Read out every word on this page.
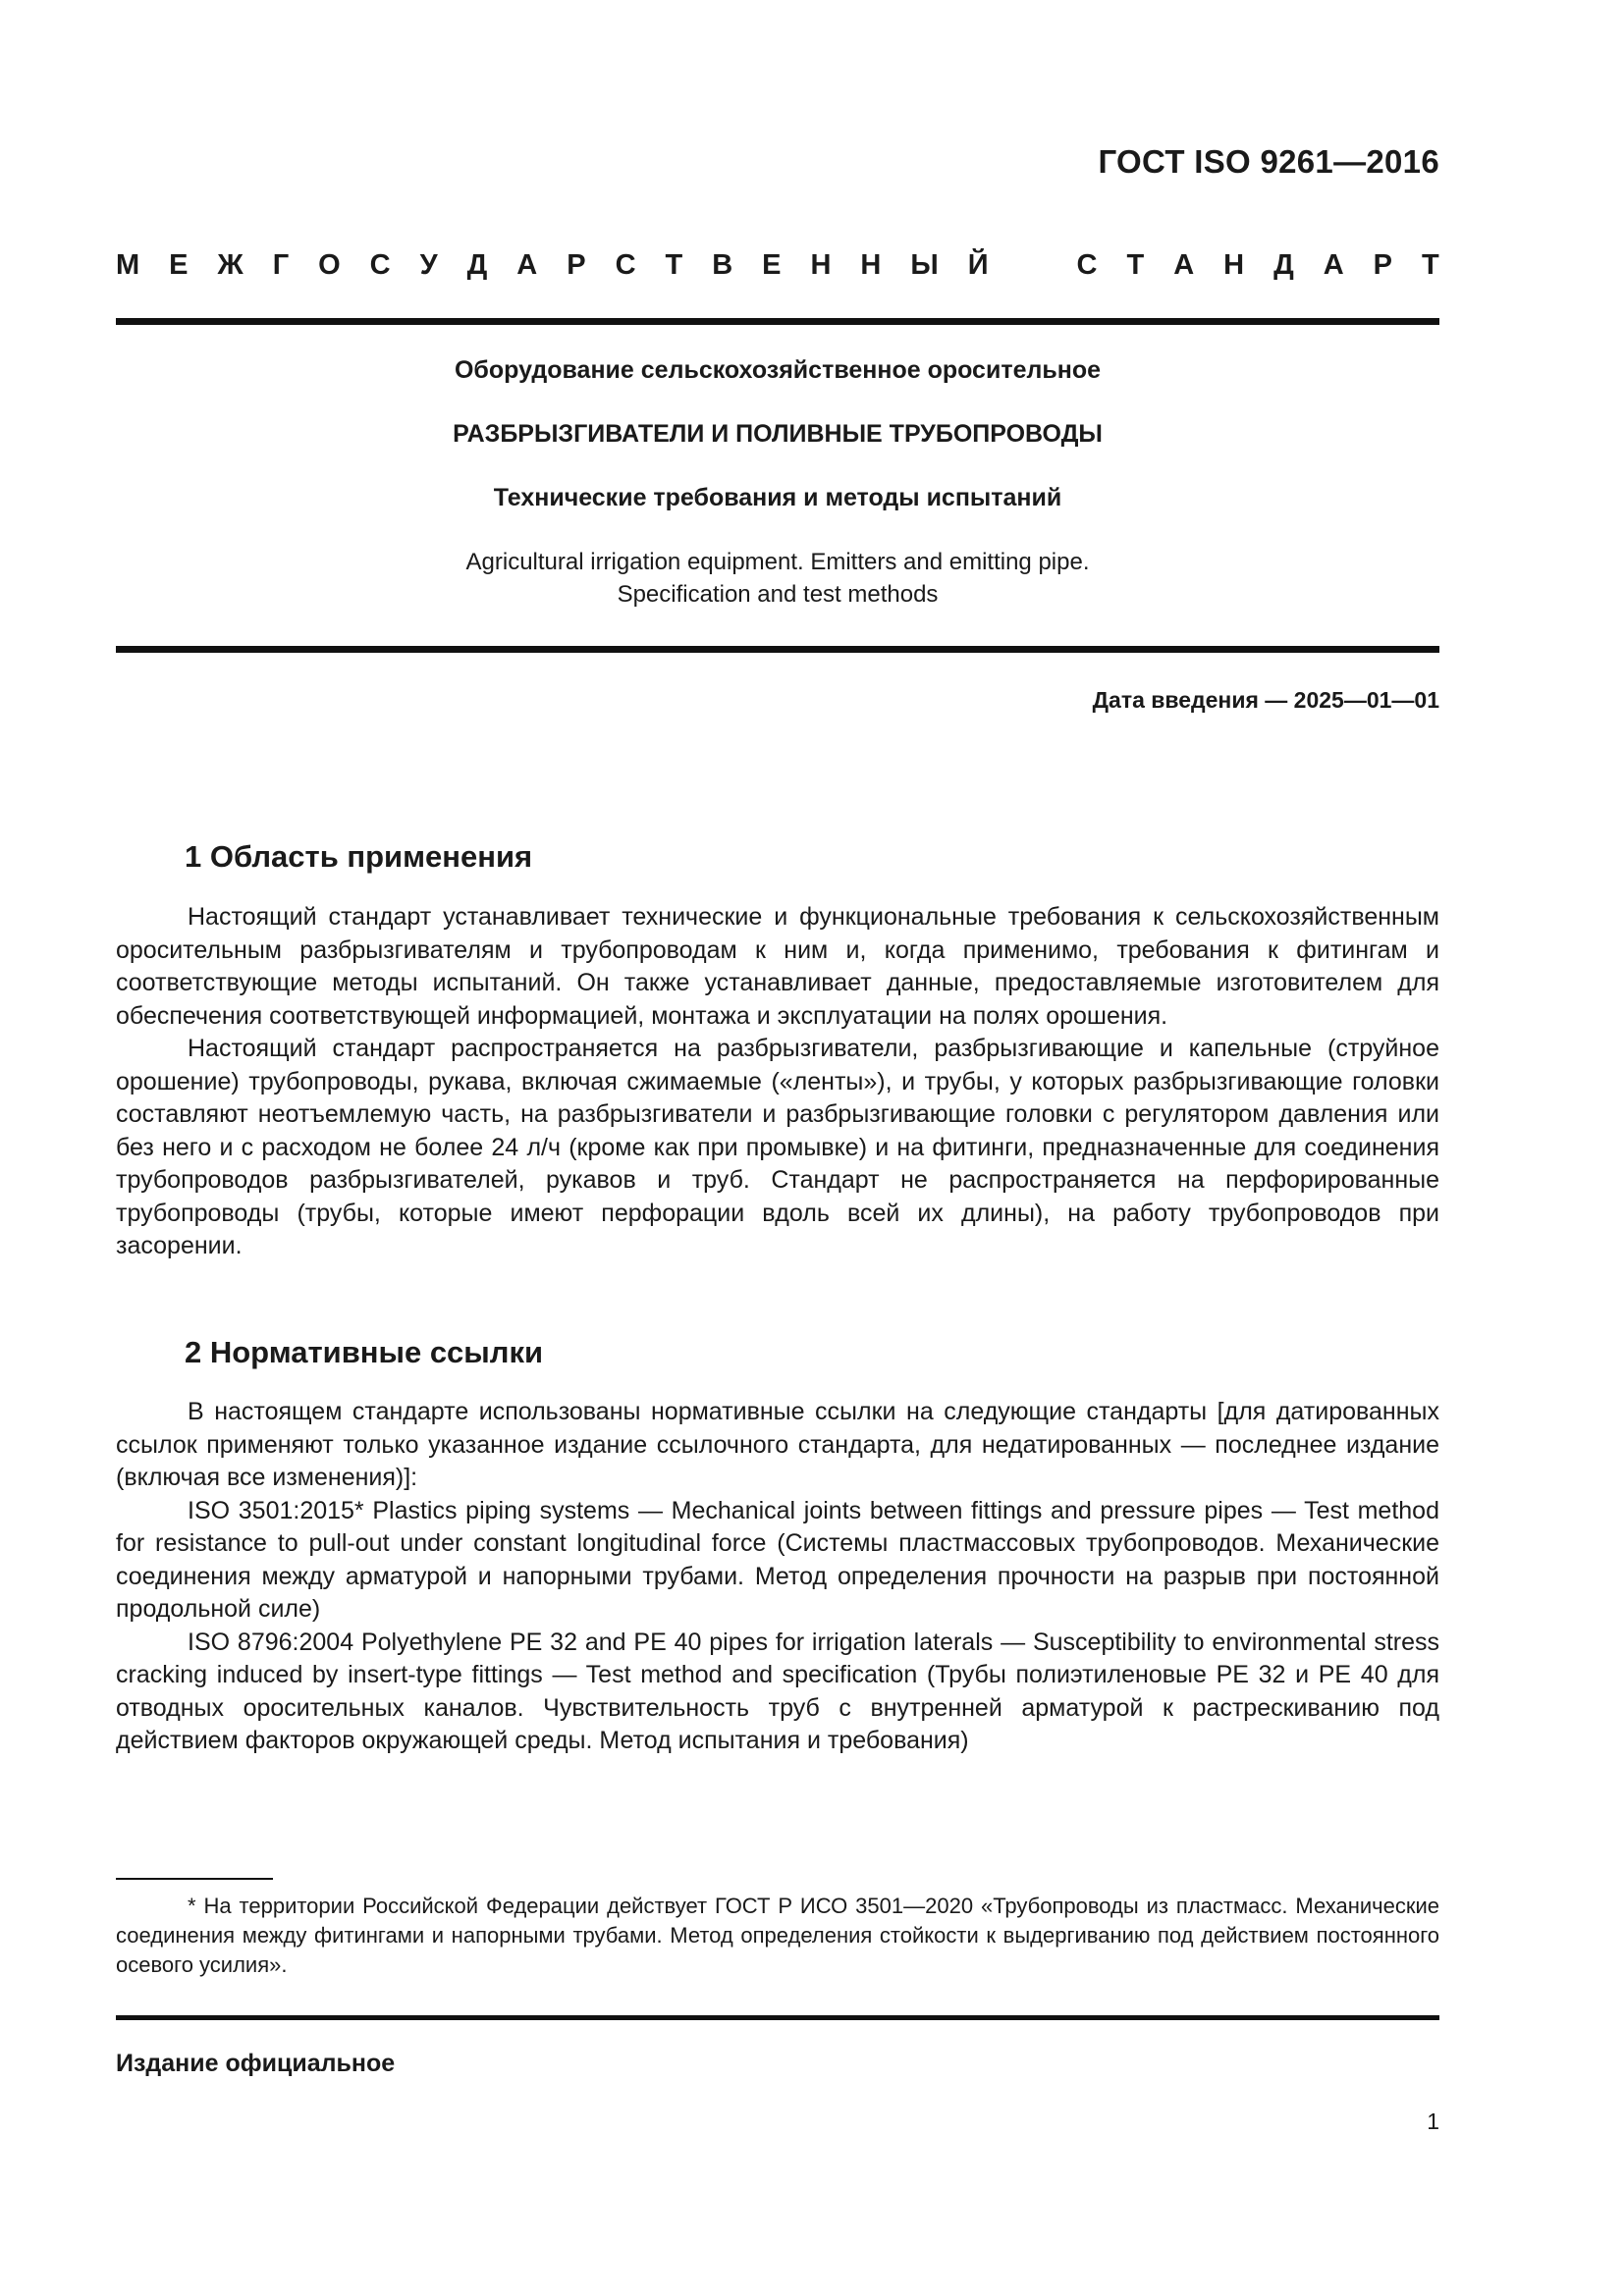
ГОСТ ISO 9261—2016
М Е Ж Г О С У Д А Р С Т В Е Н Н Ы Й	С Т А Н Д А Р Т
Оборудование сельскохозяйственное оросительное
РАЗБРЫЗГИВАТЕЛИ И ПОЛИВНЫЕ ТРУБОПРОВОДЫ
Технические требования и методы испытаний
Agricultural irrigation equipment. Emitters and emitting pipe.
Specification and test methods
Дата введения — 2025—01—01
1 Область применения

Настоящий стандарт устанавливает технические и функциональные требования к сельскохозяйственным оросительным разбрызгивателям и трубопроводам к ним и, когда применимо, требования к фитингам и соответствующие методы испытаний. Он также устанавливает данные, предоставляемые изготовителем для обеспечения соответствующей информацией, монтажа и эксплуатации на полях орошения.

Настоящий стандарт распространяется на разбрызгиватели, разбрызгивающие и капельные (струйное орошение) трубопроводы, рукава, включая сжимаемые («ленты»), и трубы, у которых разбрызгивающие головки составляют неотъемлемую часть, на разбрызгиватели и разбрызгивающие головки с регулятором давления или без него и с расходом не более 24 л/ч (кроме как при промывке) и на фитинги, предназначенные для соединения трубопроводов разбрызгивателей, рукавов и труб. Стандарт не распространяется на перфорированные трубопроводы (трубы, которые имеют перфорации вдоль всей их длины), на работу трубопроводов при засорении.

2 Нормативные ссылки

В настоящем стандарте использованы нормативные ссылки на следующие стандарты [для датированных ссылок применяют только указанное издание ссылочного стандарта, для недатированных — последнее издание (включая все изменения)]:

ISO 3501:2015* Plastics piping systems — Mechanical joints between fittings and pressure pipes — Test method for resistance to pull-out under constant longitudinal force (Системы пластмассовых трубопроводов. Механические соединения между арматурой и напорными трубами. Метод определения прочности на разрыв при постоянной продольной силе)

ISO 8796:2004 Polyethylene PE 32 and PE 40 pipes for irrigation laterals — Susceptibility to environmental stress cracking induced by insert-type fittings — Test method and specification (Трубы полиэтиленовые PE 32 и PE 40 для отводных оросительных каналов. Чувствительность труб с внутренней арматурой к растрескиванию под действием факторов окружающей среды. Метод испытания и требования)

* На территории Российской Федерации действует ГОСТ Р ИСО 3501—2020 «Трубопроводы из пластмасс. Механические соединения между фитингами и напорными трубами. Метод определения стойкости к выдергиванию под действием постоянного осевого усилия».

Издание официальное
1
